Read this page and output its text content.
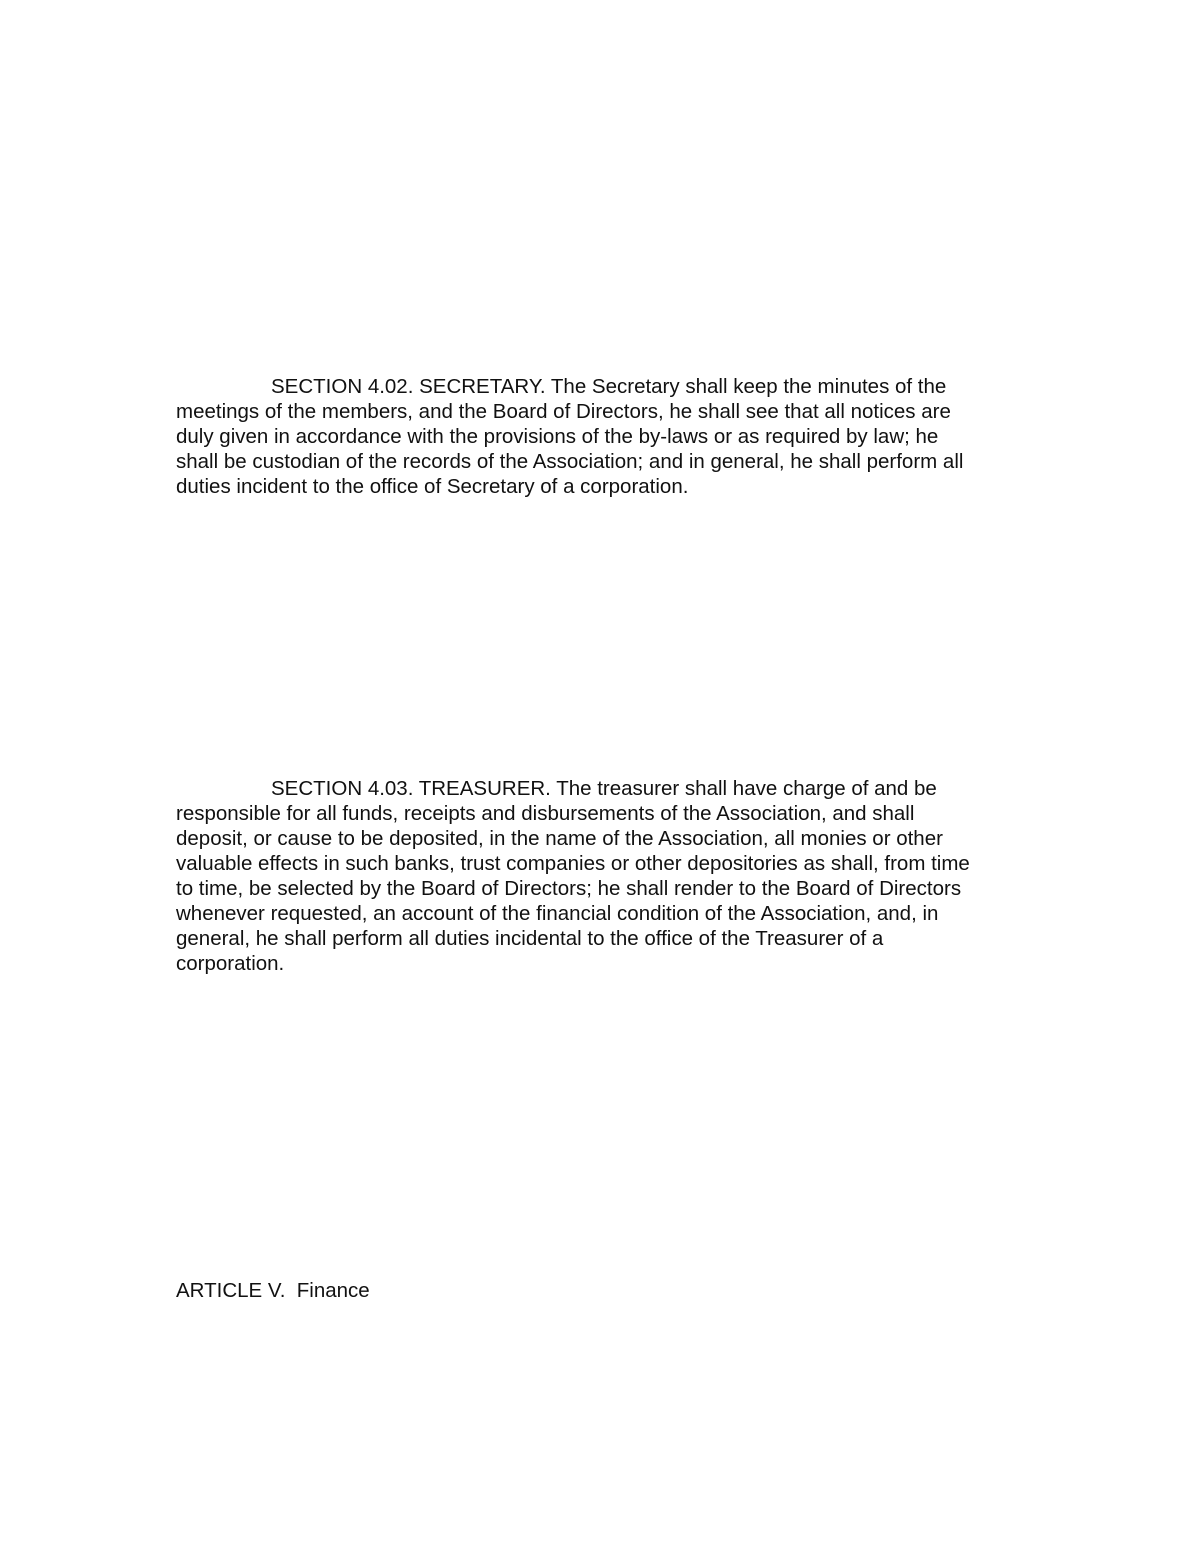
SECTION 4.02. SECRETARY. The Secretary shall keep the minutes of the
meetings of the members, and the Board of Directors, he shall see that all notices are
duly given in accordance with the provisions of the by-laws or as required by law; he
shall be custodian of the records of the Association; and in general, he shall perform all
duties incident to the office of Secretary of a corporation.

SECTION 4.03. TREASURER. The treasurer shall have charge of and be
responsible for all funds, receipts and disbursements of the Association, and shall
deposit, or cause to be deposited, in the name of the Association, all monies or other
valuable effects in such banks, trust companies or other depositories as shall, from time
to time, be selected by the Board of Directors; he shall render to the Board of Directors
whenever requested, an account of the financial condition of the Association, and, in
general, he shall perform all duties incidental to the office of the Treasurer of a
corporation.

ARTICLE V.  Finance
